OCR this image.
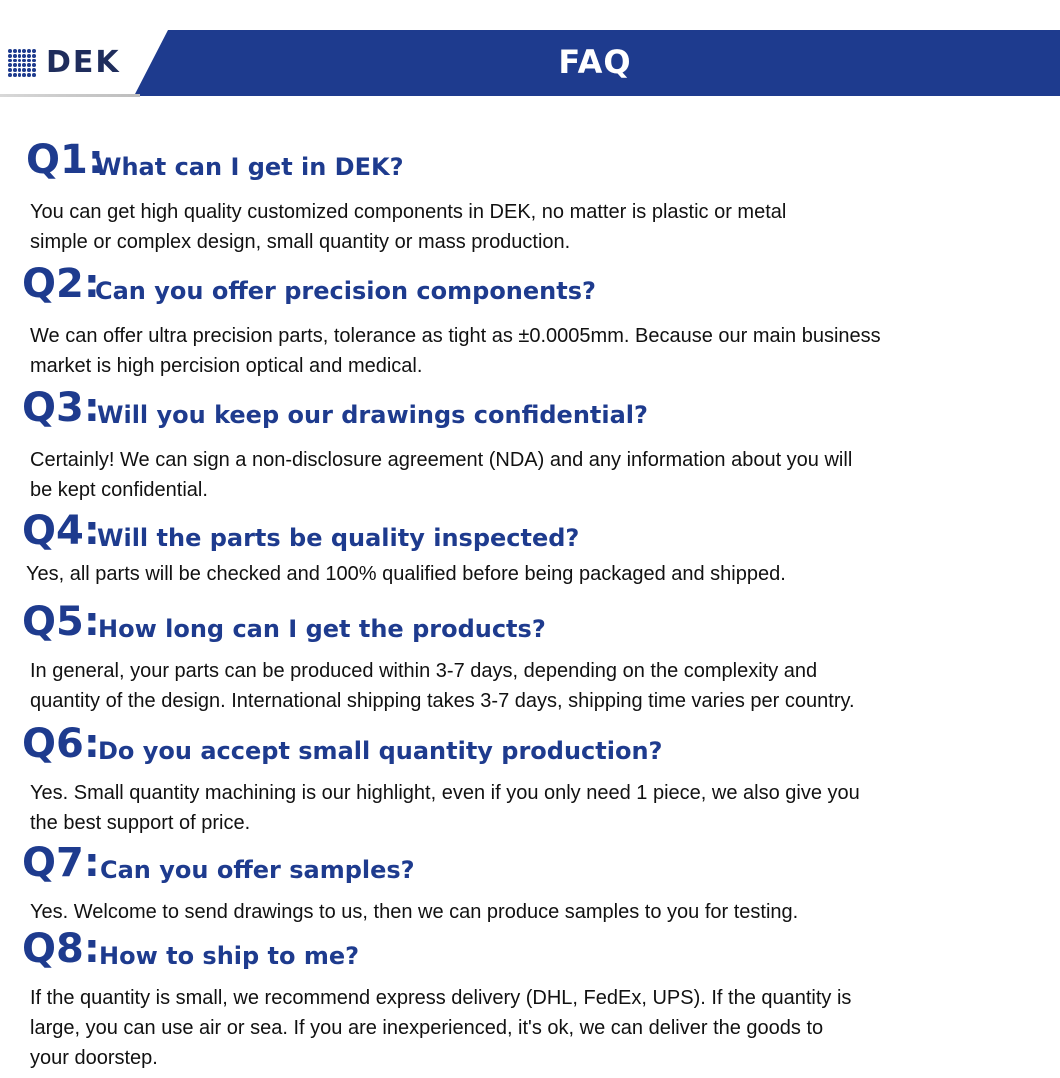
DEK	FAQ
Q1:
What can I get in DEK?
You can get high quality customized components in DEK, no matter is plastic or metal
simple or complex design, small quantity or mass production.
Q2:
Can you offer precision components?
We can offer ultra precision parts, tolerance as tight as ±0.0005mm. Because our main business
market is high percision optical and medical.
Q3:
Will you keep our drawings confidential?
Certainly! We can sign a non-disclosure agreement (NDA) and any information about you will
be kept confidential.
Q4:
Will the parts be quality inspected?
Yes, all parts will be checked and 100% qualified before being packaged and shipped.
Q5:
How long can I get the products?
In general, your parts can be produced within 3-7 days, depending on the complexity and
quantity of the design. International shipping takes 3-7 days, shipping time varies per country.
Q6:
Do you accept small quantity production?
Yes. Small quantity machining is our highlight, even if you only need 1 piece, we also give you
the best support of price.
Q7: Can you offer samples?
Yes. Welcome to send drawings to us, then we can produce samples to you for testing.
Q8: How to ship to me?
If the quantity is small, we recommend express delivery (DHL, FedEx, UPS). If the quantity is
large, you can use air or sea. If you are inexperienced, it's ok, we can deliver the goods to
your doorstep.
